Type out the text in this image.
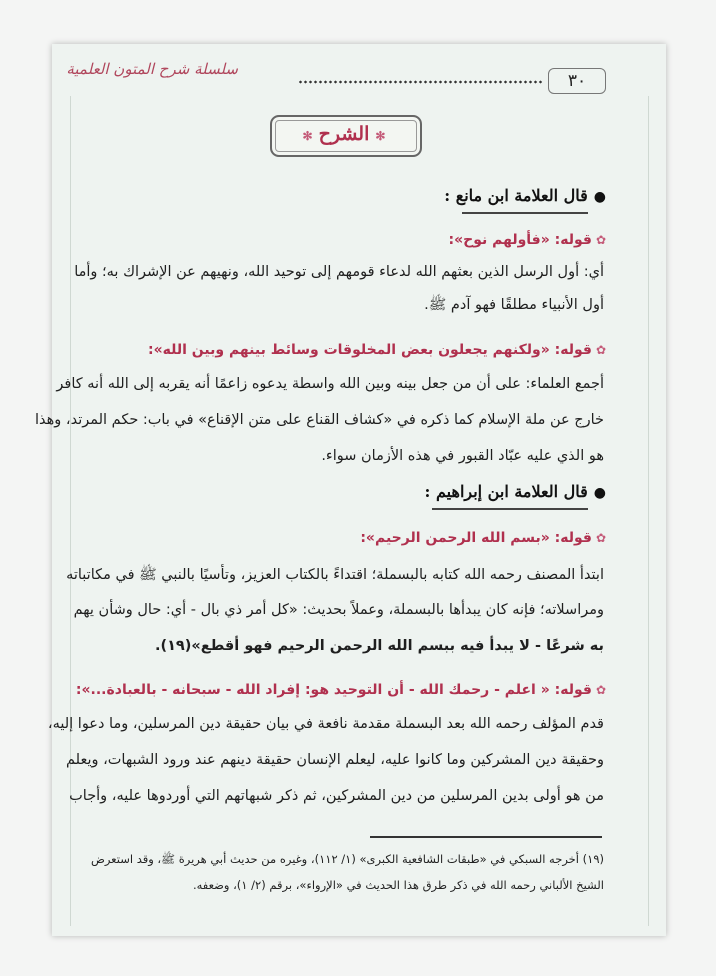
سلسلة شرح المتون العلمية
٣٠
✻الشرح✻
●قال العلامة ابن مانع :
✿قوله: «فأولهم نوح»:
أي: أول الرسل الذين بعثهم الله لدعاء قومهم إلى توحيد الله، ونهيهم عن الإشراك به؛ وأما
أول الأنبياء مطلقًا فهو آدم ﷺ.
✿قوله: «ولكنهم يجعلون بعض المخلوقات وسائط بينهم وبين الله»:
أجمع العلماء: على أن من جعل بينه وبين الله واسطة يدعوه زاعمًا أنه يقربه إلى الله أنه كافر
خارج عن ملة الإسلام كما ذكره في «كشاف القناع على متن الإقناع» في باب: حكم المرتد، وهذا
هو الذي عليه عبّاد القبور في هذه الأزمان سواء.
●قال العلامة ابن إبراهيم :
✿قوله: «بسم الله الرحمن الرحيم»:
ابتدأ المصنف رحمه الله كتابه بالبسملة؛ اقتداءً بالكتاب العزيز، وتأسيًا بالنبي ﷺ في مكاتباته
ومراسلاته؛ فإنه كان يبدأها بالبسملة، وعملاً بحديث: «كل أمر ذي بال - أي: حال وشأن يهم
به شرعًا - لا يبدأ فيه ببسم الله الرحمن الرحيم فهو أقطع»(١٩).
✿قوله: « اعلم - رحمك الله - أن التوحيد هو: إفراد الله - سبحانه - بالعبادة...»:
قدم المؤلف رحمه الله بعد البسملة مقدمة نافعة في بيان حقيقة دين المرسلين، وما دعوا إليه،
وحقيقة دين المشركين وما كانوا عليه، ليعلم الإنسان حقيقة دينهم عند ورود الشبهات، ويعلم
من هو أولى بدين المرسلين من دين المشركين، ثم ذكر شبهاتهم التي أوردوها عليه، وأجاب
(١٩) أخرجه السبكي في «طبقات الشافعية الكبرى» (١/ ١١٢)، وغيره من حديث أبي هريرة ﷺ، وقد استعرض
الشيخ الألباني رحمه الله في ذكر طرق هذا الحديث في «الإرواء»، برقم (٢/ ١)، وضعفه.
